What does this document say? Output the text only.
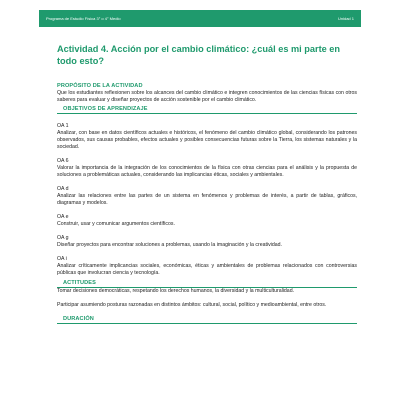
Programa de Estudio Física 3° o 4° Medio	Unidad 1
Actividad 4. Acción por el cambio climático: ¿cuál es mi parte en todo esto?
PROPÓSITO DE LA ACTIVIDAD
Que los estudiantes reflexionen sobre los alcances del cambio climático e integren conocimientos de las ciencias físicas con otros saberes para evaluar y diseñar proyectos de acción sostenible por el cambio climático.
OBJETIVOS DE APRENDIZAJE
OA 1
Analizar, con base en datos científicos actuales e históricos, el fenómeno del cambio climático global, considerando los patrones observados, sus causas probables, efectos actuales y posibles consecuencias futuras sobre la Tierra, los sistemas naturales y la sociedad.
OA 6
Valorar la importancia de la integración de los conocimientos de la física con otras ciencias para el análisis y la propuesta de soluciones a problemáticas actuales, considerando las implicancias éticas, sociales y ambientales.
OA d
Analizar las relaciones entre las partes de un sistema en fenómenos y problemas de interés, a partir de tablas, gráficos, diagramas y modelos.
OA e
Construir, usar y comunicar argumentos científicos.
OA g
Diseñar proyectos para encontrar soluciones a problemas, usando la imaginación y la creatividad.
OA i
Analizar críticamente implicancias sociales, económicas, éticas y ambientales de problemas relacionados con controversias públicas que involucran ciencia y tecnología.
ACTITUDES
Tomar decisiones democráticas, respetando los derechos humanos, la diversidad y la multiculturalidad.
Participar asumiendo posturas razonadas en distintos ámbitos: cultural, social, político y medioambiental, entre otros.
DURACIÓN
